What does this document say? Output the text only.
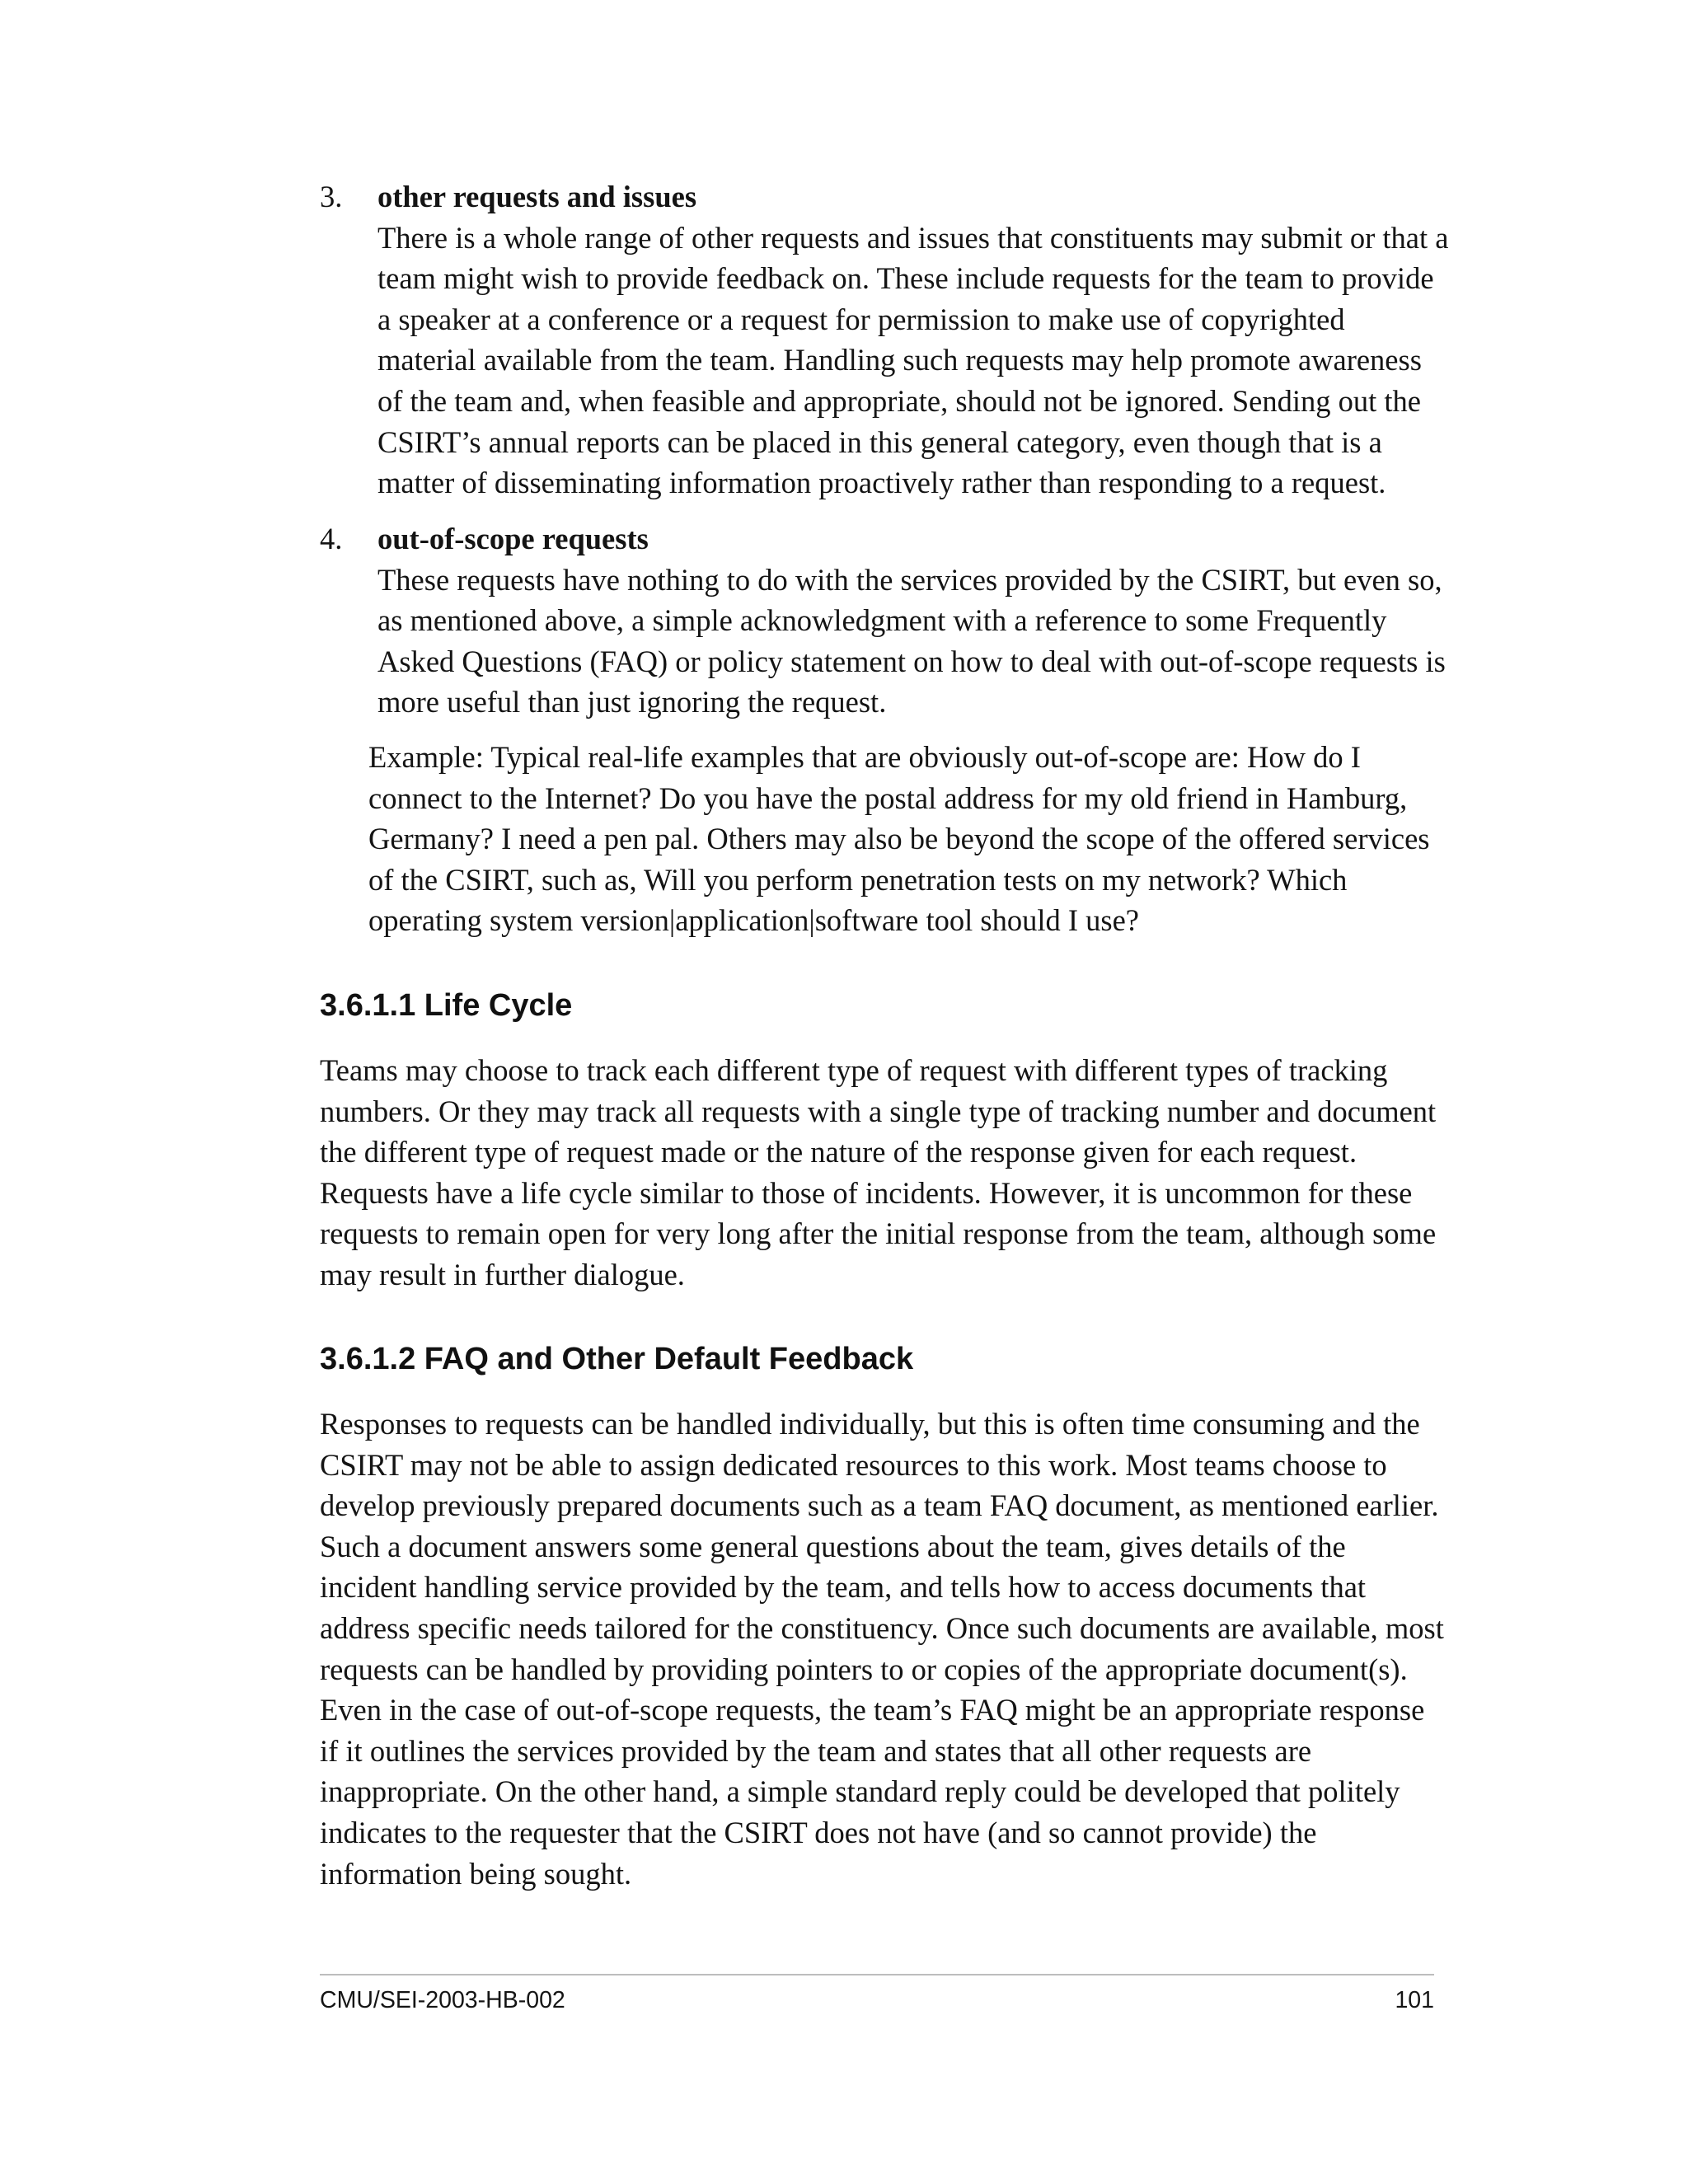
3.	other requests and issues
There is a whole range of other requests and issues that constituents may submit or that a
team might wish to provide feedback on. These include requests for the team to provide
a speaker at a conference or a request for permission to make use of copyrighted
material available from the team. Handling such requests may help promote awareness
of the team and, when feasible and appropriate, should not be ignored. Sending out the
CSIRT’s annual reports can be placed in this general category, even though that is a
matter of disseminating information proactively rather than responding to a request.
4.	out-of-scope requests
These requests have nothing to do with the services provided by the CSIRT, but even so,
as mentioned above, a simple acknowledgment with a reference to some Frequently
Asked Questions (FAQ) or policy statement on how to deal with out-of-scope requests is
more useful than just ignoring the request.
Example: Typical real-life examples that are obviously out-of-scope are: How do I
connect to the Internet? Do you have the postal address for my old friend in Hamburg,
Germany? I need a pen pal. Others may also be beyond the scope of the offered services
of the CSIRT, such as, Will you perform penetration tests on my network? Which
operating system version|application|software tool should I use?
3.6.1.1 Life Cycle
Teams may choose to track each different type of request with different types of tracking
numbers. Or they may track all requests with a single type of tracking number and document
the different type of request made or the nature of the response given for each request.
Requests have a life cycle similar to those of incidents. However, it is uncommon for these
requests to remain open for very long after the initial response from the team, although some
may result in further dialogue.
3.6.1.2 FAQ and Other Default Feedback
Responses to requests can be handled individually, but this is often time consuming and the
CSIRT may not be able to assign dedicated resources to this work. Most teams choose to
develop previously prepared documents such as a team FAQ document, as mentioned earlier.
Such a document answers some general questions about the team, gives details of the
incident handling service provided by the team, and tells how to access documents that
address specific needs tailored for the constituency. Once such documents are available, most
requests can be handled by providing pointers to or copies of the appropriate document(s).
Even in the case of out-of-scope requests, the team’s FAQ might be an appropriate response
if it outlines the services provided by the team and states that all other requests are
inappropriate. On the other hand, a simple standard reply could be developed that politely
indicates to the requester that the CSIRT does not have (and so cannot provide) the
information being sought.
CMU/SEI-2003-HB-002	101
